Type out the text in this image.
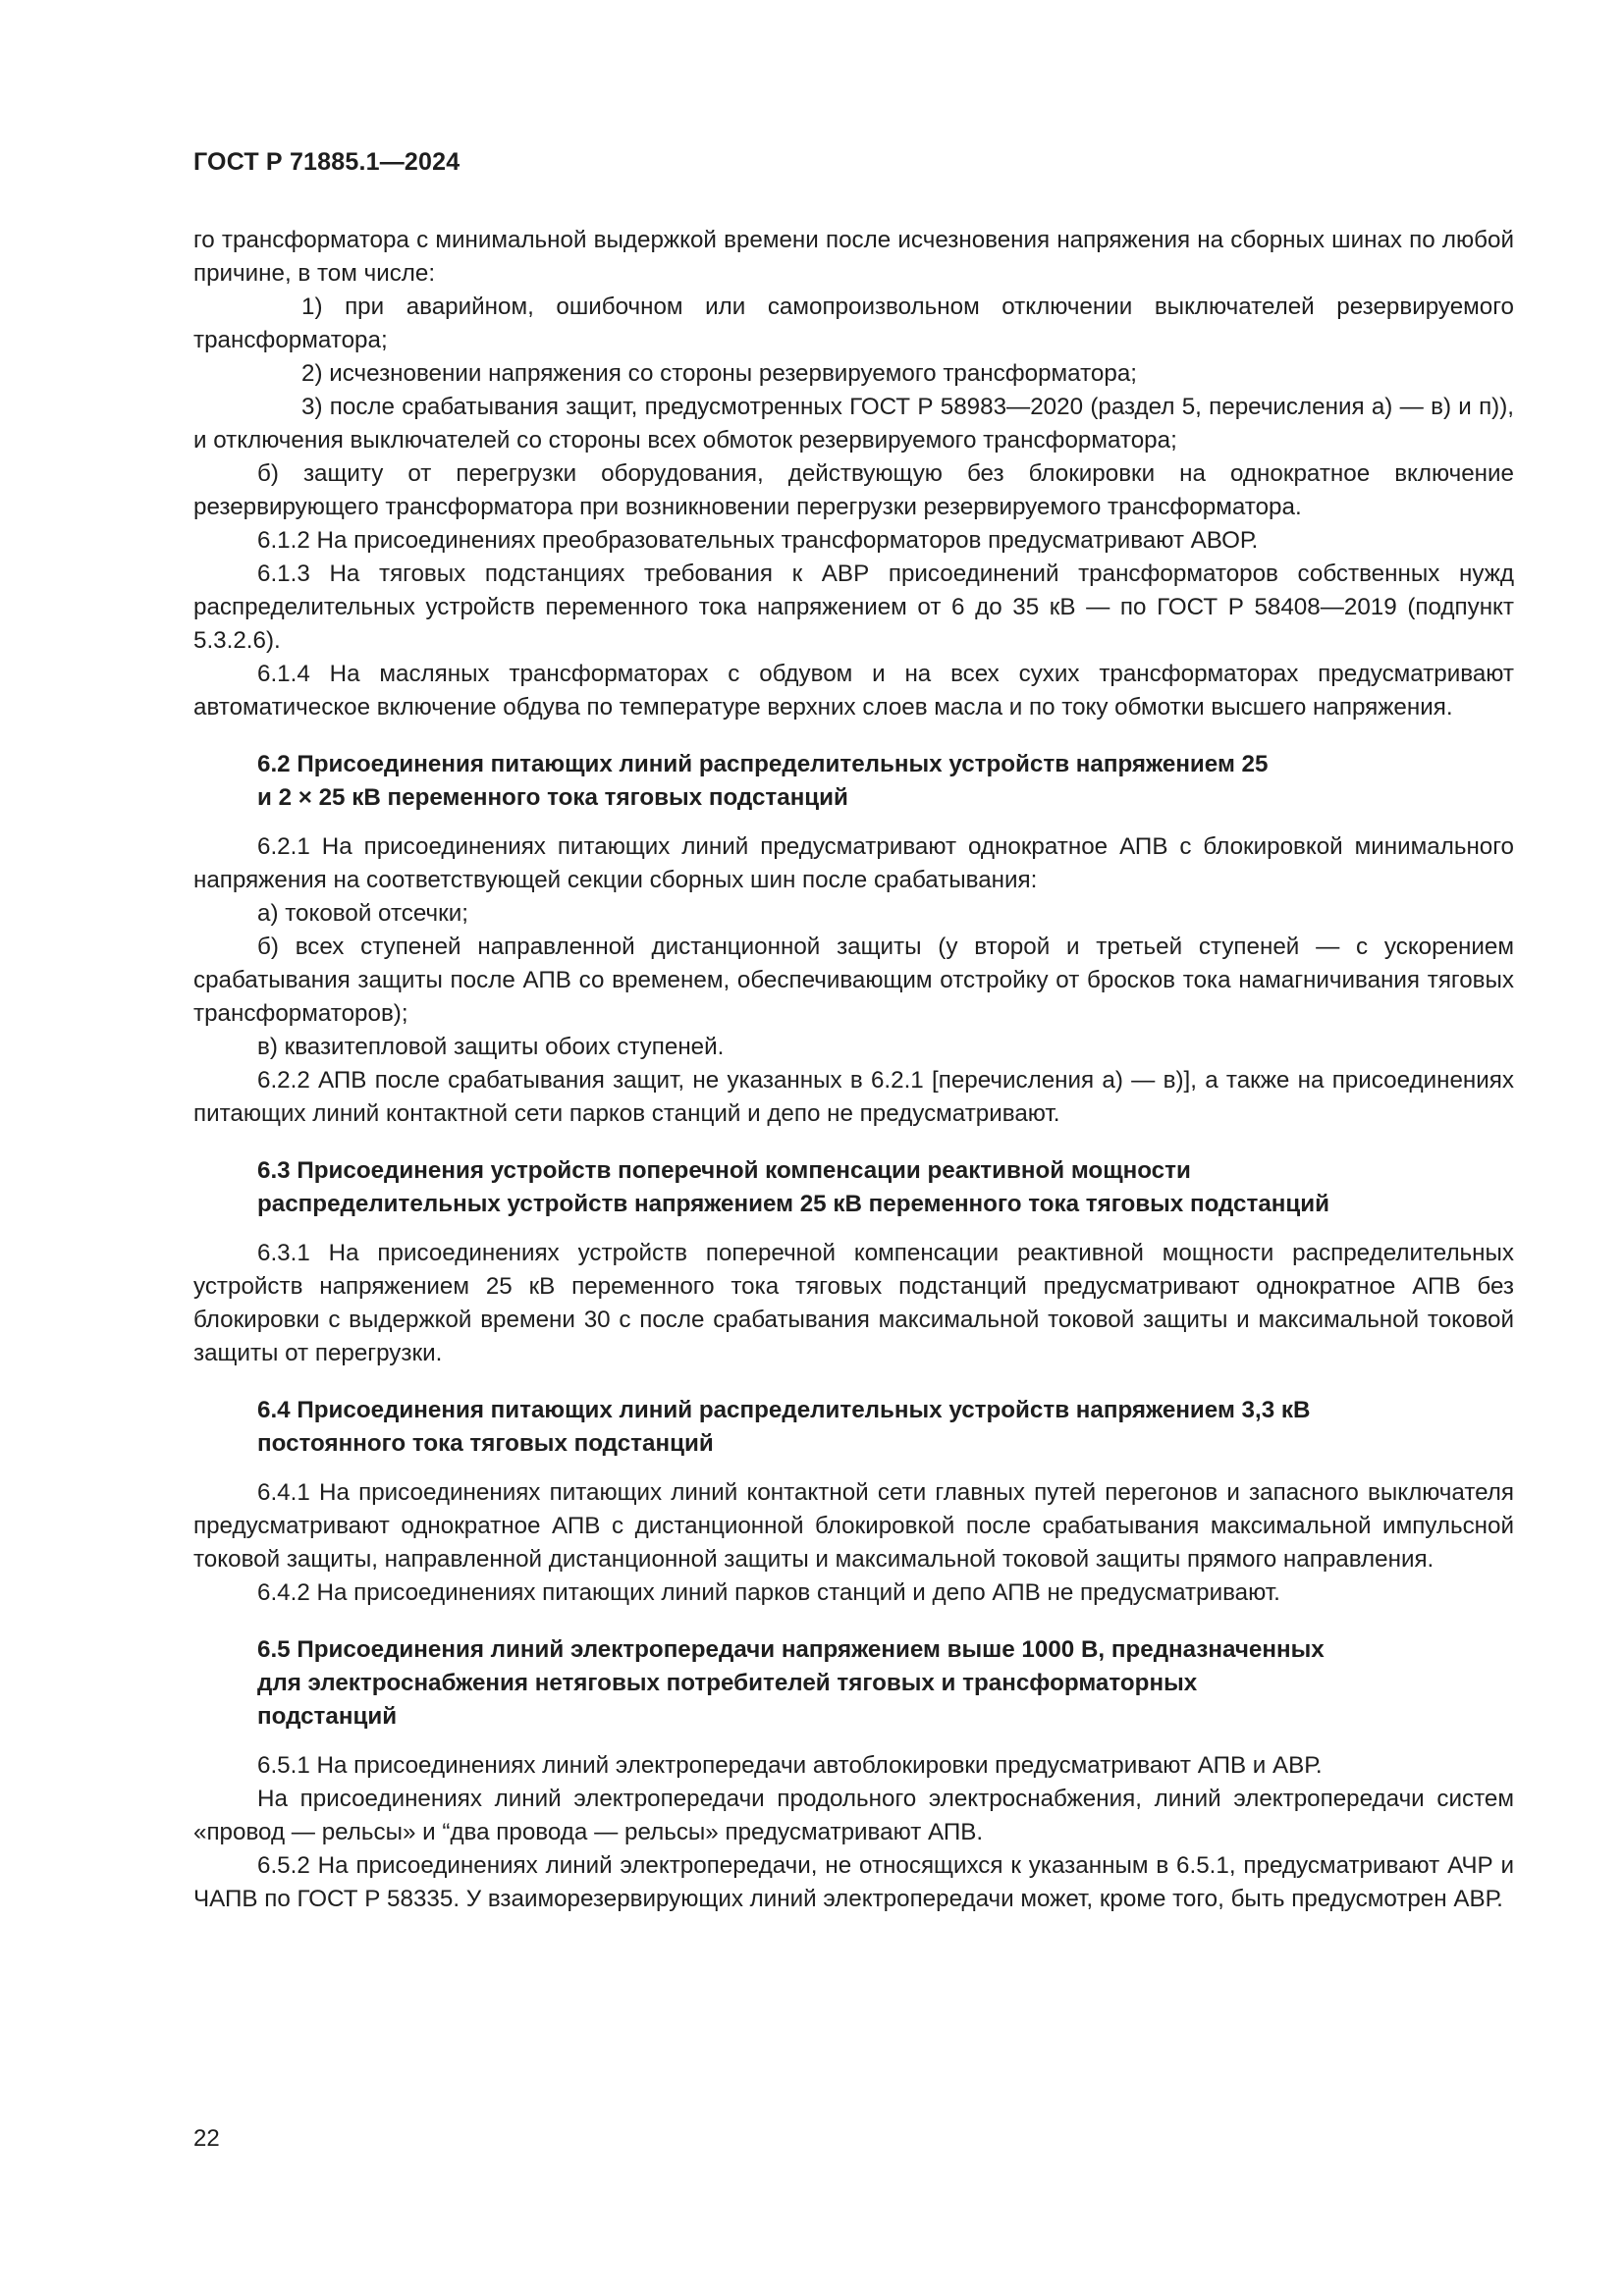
ГОСТ Р 71885.1—2024

го трансформатора с минимальной выдержкой времени после исчезновения напряжения на сборных шинах по любой причине, в том числе:

1) при аварийном, ошибочном или самопроизвольном отключении выключателей резервируемого трансформатора;

2) исчезновении напряжения со стороны резервируемого трансформатора;

3) после срабатывания защит, предусмотренных ГОСТ Р 58983—2020 (раздел 5, перечисления а) — в) и п)), и отключения выключателей со стороны всех обмоток резервируемого трансформатора;

б) защиту от перегрузки оборудования, действующую без блокировки на однократное включение резервирующего трансформатора при возникновении перегрузки резервируемого трансформатора.

6.1.2 На присоединениях преобразовательных трансформаторов предусматривают АВОР.

6.1.3 На тяговых подстанциях требования к АВР присоединений трансформаторов собственных нужд распределительных устройств переменного тока напряжением от 6 до 35 кВ — по ГОСТ Р 58408—2019 (подпункт 5.3.2.6).

6.1.4 На масляных трансформаторах с обдувом и на всех сухих трансформаторах предусматривают автоматическое включение обдува по температуре верхних слоев масла и по току обмотки высшего напряжения.

6.2 Присоединения питающих линий распределительных устройств напряжением 25
и 2 × 25 кВ переменного тока тяговых подстанций

6.2.1 На присоединениях питающих линий предусматривают однократное АПВ с блокировкой минимального напряжения на соответствующей секции сборных шин после срабатывания:

а) токовой отсечки;

б) всех ступеней направленной дистанционной защиты (у второй и третьей ступеней — с ускорением срабатывания защиты после АПВ со временем, обеспечивающим отстройку от бросков тока намагничивания тяговых трансформаторов);

в) квазитепловой защиты обоих ступеней.

6.2.2 АПВ после срабатывания защит, не указанных в 6.2.1 [перечисления а) — в)], а также на присоединениях питающих линий контактной сети парков станций и депо не предусматривают.

6.3 Присоединения устройств поперечной компенсации реактивной мощности
распределительных устройств напряжением 25 кВ переменного тока тяговых подстанций

6.3.1 На присоединениях устройств поперечной компенсации реактивной мощности распределительных устройств напряжением 25 кВ переменного тока тяговых подстанций предусматривают однократное АПВ без блокировки с выдержкой времени 30 с после срабатывания максимальной токовой защиты и максимальной токовой защиты от перегрузки.

6.4 Присоединения питающих линий распределительных устройств напряжением 3,3 кВ
постоянного тока тяговых подстанций

6.4.1 На присоединениях питающих линий контактной сети главных путей перегонов и запасного выключателя предусматривают однократное АПВ с дистанционной блокировкой после срабатывания максимальной импульсной токовой защиты, направленной дистанционной защиты и максимальной токовой защиты прямого направления.

6.4.2 На присоединениях питающих линий парков станций и депо АПВ не предусматривают.

6.5 Присоединения линий электропередачи напряжением выше 1000 В, предназначенных
для электроснабжения нетяговых потребителей тяговых и трансформаторных
подстанций

6.5.1 На присоединениях линий электропередачи автоблокировки предусматривают АПВ и АВР.

На присоединениях линий электропередачи продольного электроснабжения, линий электропередачи систем «провод — рельсы» и “два провода — рельсы» предусматривают АПВ.

6.5.2 На присоединениях линий электропередачи, не относящихся к указанным в 6.5.1, предусматривают АЧР и ЧАПВ по ГОСТ Р 58335. У взаиморезервирующих линий электропередачи может, кроме того, быть предусмотрен АВР.

22
